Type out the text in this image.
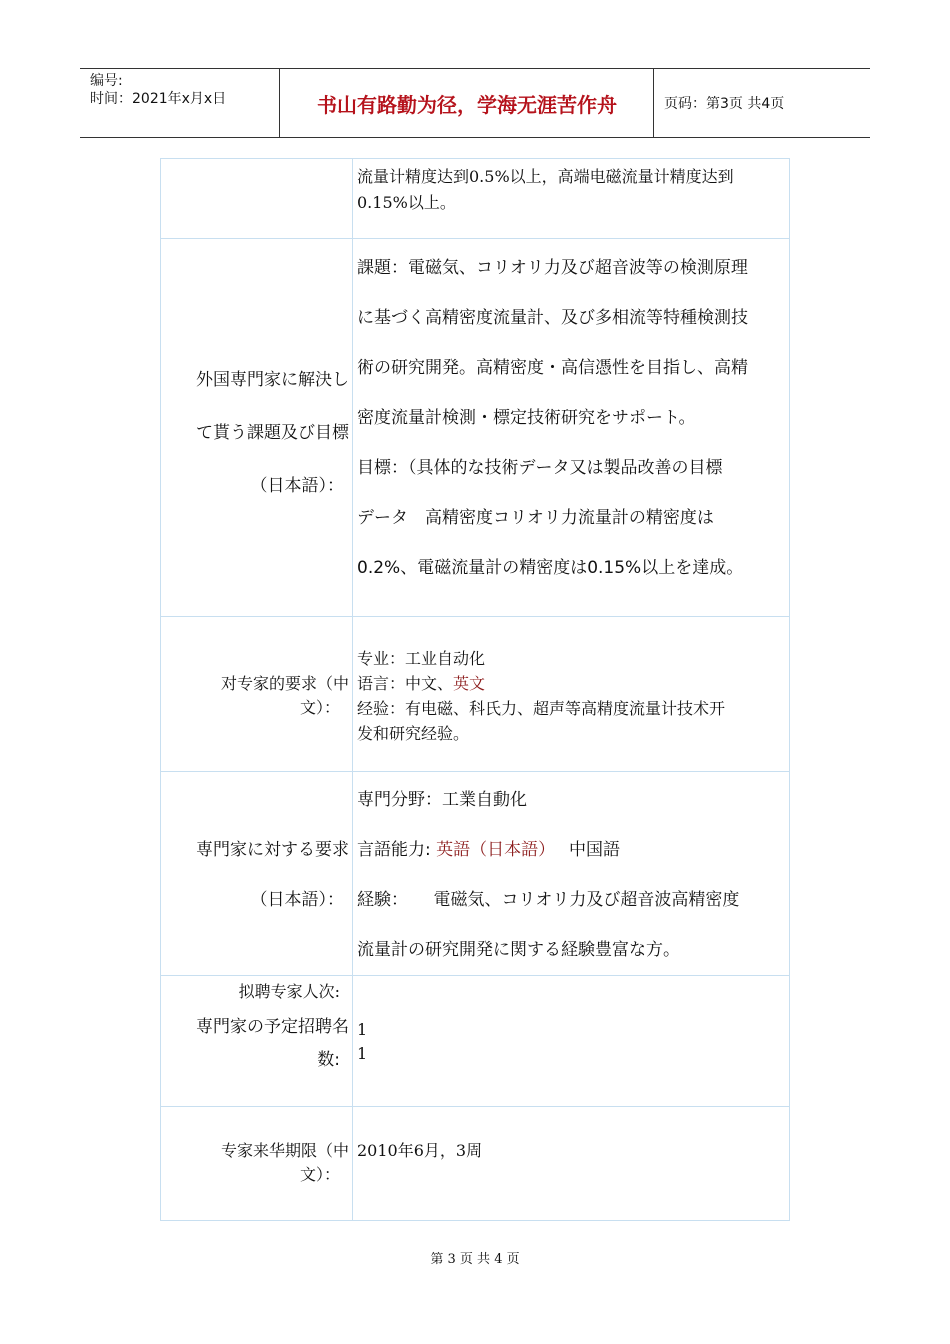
编号:
时间：2021年x月x日	书山有路勤为径，学海无涯苦作舟	页码：第3页 共4页
流量计精度达到0.5%以上，高端电磁流量计精度达到
0.15%以上。
外国専門家に解決し
て貰う課題及び目標
（日本語）：
課題：電磁気、コリオリ力及び超音波等の検測原理
に基づく高精密度流量計、及び多相流等特種検測技
術の研究開発。高精密度・高信憑性を目指し、高精
密度流量計検測・標定技術研究をサポート。
目標：（具体的な技術データ又は製品改善の目標
データ　高精密度コリオリ力流量計の精密度は
0.2%、電磁流量計の精密度は0.15%以上を達成。
对专家的要求（中
文）：
专业：工业自动化
语言：中文、英文
经验：有电磁、科氏力、超声等高精度流量计技术开
发和研究经验。
専門家に対する要求
（日本語）：
専門分野：工業自動化
言語能力: 英語（日本語）　 中国語
経験：　　電磁気、コリオリ力及び超音波高精密度
流量計の研究開発に関する経験豊富な方。
拟聘专家人次:
専門家の予定招聘名
数:
1
1
专家来华期限（中
文）：
2010年6月，3周
第 3 页 共 4 页
